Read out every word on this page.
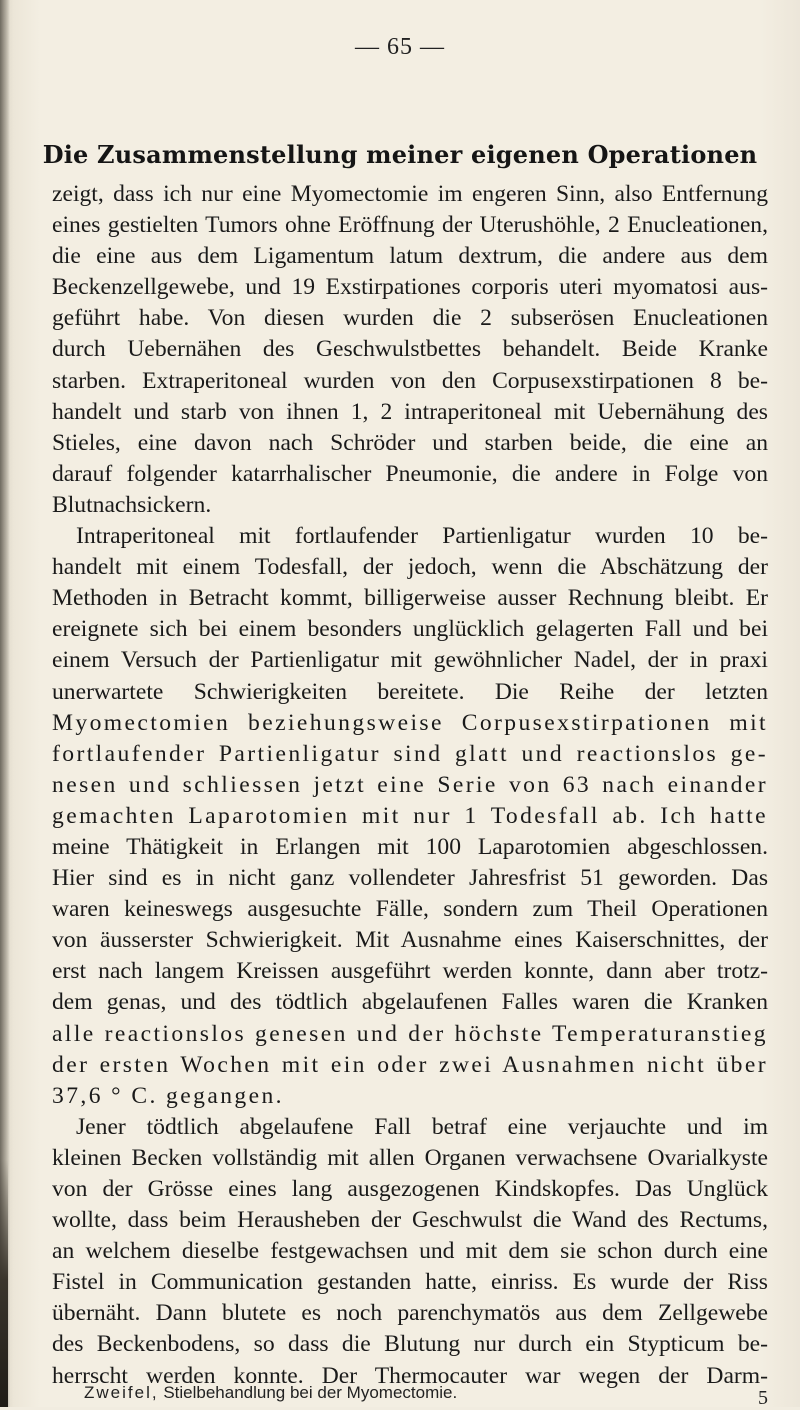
— 65 —
Die Zusammenstellung meiner eigenen Operationen
zeigt, dass ich nur eine Myomectomie im engeren Sinn, also Entfernung
eines gestielten Tumors ohne Eröffnung der Uterushöhle, 2 Enucleationen,
die eine aus dem Ligamentum latum dextrum, die andere aus dem
Beckenzellgewebe, und 19 Exstirpationes corporis uteri myomatosi aus-
geführt habe. Von diesen wurden die 2 subserösen Enucleationen
durch Uebernähen des Geschwulstbettes behandelt. Beide Kranke
starben. Extraperitoneal wurden von den Corpusexstirpationen 8 be-
handelt und starb von ihnen 1, 2 intraperitoneal mit Uebernähung des
Stieles, eine davon nach Schröder und starben beide, die eine an
darauf folgender katarrhalischer Pneumonie, die andere in Folge von
Blutnachsickern.
Intraperitoneal mit fortlaufender Partienligatur wurden 10 be-
handelt mit einem Todesfall, der jedoch, wenn die Abschätzung der
Methoden in Betracht kommt, billigerweise ausser Rechnung bleibt. Er
ereignete sich bei einem besonders unglücklich gelagerten Fall und bei
einem Versuch der Partienligatur mit gewöhnlicher Nadel, der in praxi
unerwartete Schwierigkeiten bereitete. Die Reihe der letzten
Myomectomien beziehungsweise Corpusexstirpationen mit
fortlaufender Partienligatur sind glatt und reactionslos ge-
nesen und schliessen jetzt eine Serie von 63 nach einander
gemachten Laparotomien mit nur 1 Todesfall ab. Ich hatte
meine Thätigkeit in Erlangen mit 100 Laparotomien abgeschlossen.
Hier sind es in nicht ganz vollendeter Jahresfrist 51 geworden. Das
waren keineswegs ausgesuchte Fälle, sondern zum Theil Operationen
von äusserster Schwierigkeit. Mit Ausnahme eines Kaiserschnittes, der
erst nach langem Kreissen ausgeführt werden konnte, dann aber trotz-
dem genas, und des tödtlich abgelaufenen Falles waren die Kranken
alle reactionslos genesen und der höchste Temperaturanstieg
der ersten Wochen mit ein oder zwei Ausnahmen nicht über
37,6 ° C. gegangen.
Jener tödtlich abgelaufene Fall betraf eine verjauchte und im
kleinen Becken vollständig mit allen Organen verwachsene Ovarialkyste
von der Grösse eines lang ausgezogenen Kindskopfes. Das Unglück
wollte, dass beim Herausheben der Geschwulst die Wand des Rectums,
an welchem dieselbe festgewachsen und mit dem sie schon durch eine
Fistel in Communication gestanden hatte, einriss. Es wurde der Riss
übernäht. Dann blutete es noch parenchymatös aus dem Zellgewebe
des Beckenbodens, so dass die Blutung nur durch ein Stypticum be-
herrscht werden konnte. Der Thermocauter war wegen der Darm-
Zweifel, Stielbehandlung bei der Myomectomie.	5
